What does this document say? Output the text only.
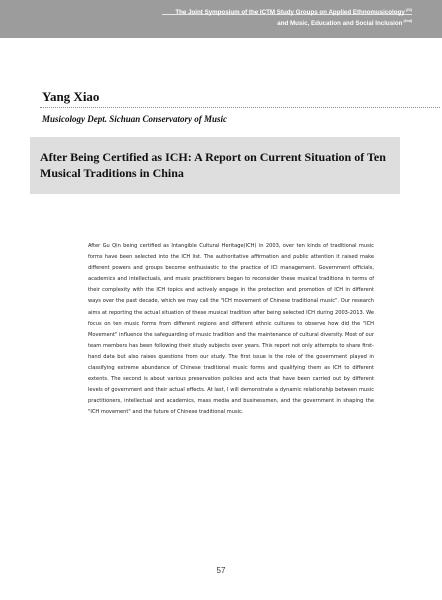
The Joint Symposium of the ICTM Study Groups on Applied Ethnomusicology$^{(22)}$
and Music, Education and Social Inclusion$^{(2nd)}$
Yang Xiao
Musicology Dept. Sichuan Conservatory of Music
After Being Certified as ICH: A Report on Current Situation of Ten Musical Traditions in China

After Gu Qin being certified as Intangible Cultural Heritage(ICH) in 2003, over ten kinds of traditional music forms have been selected into the ICH list. The authoritative affirmation and public attention it raised make different powers and groups become enthusiastic to the practice of ICI management. Government officials, academics and intellectuals, and music practitioners began to reconsider these musical traditions in terms of their complexity with the ICH topics and actively engage in the protection and promotion of ICH in different ways over the past decade, which we may call the "ICH movement of Chinese traditional music". Our research aims at reporting the actual situation of these musical tradition after being selected ICH during 2003-2013. We focus on ten music forms from different regions and different ethnic cultures to observe how did the "ICH Movement" influence the safeguarding of music tradition and the maintenance of cultural diversity. Most of our team members has been following their study subjects over years. This report not only attempts to share first-hand data but also raises questions from our study. The first issue is the role of the government played in classifying extreme abundance of Chinese traditional music forms and qualifying them as ICH to different extents. The second is about various preservation policies and acts that have been carried out by different levels of government and their actual effects. At last, I will demonstrate a dynamic relationship between music practitioners, intellectual and academics, mass media and businessmen, and the government in shaping the "ICH movement" and the future of Chinese traditional music.

57
